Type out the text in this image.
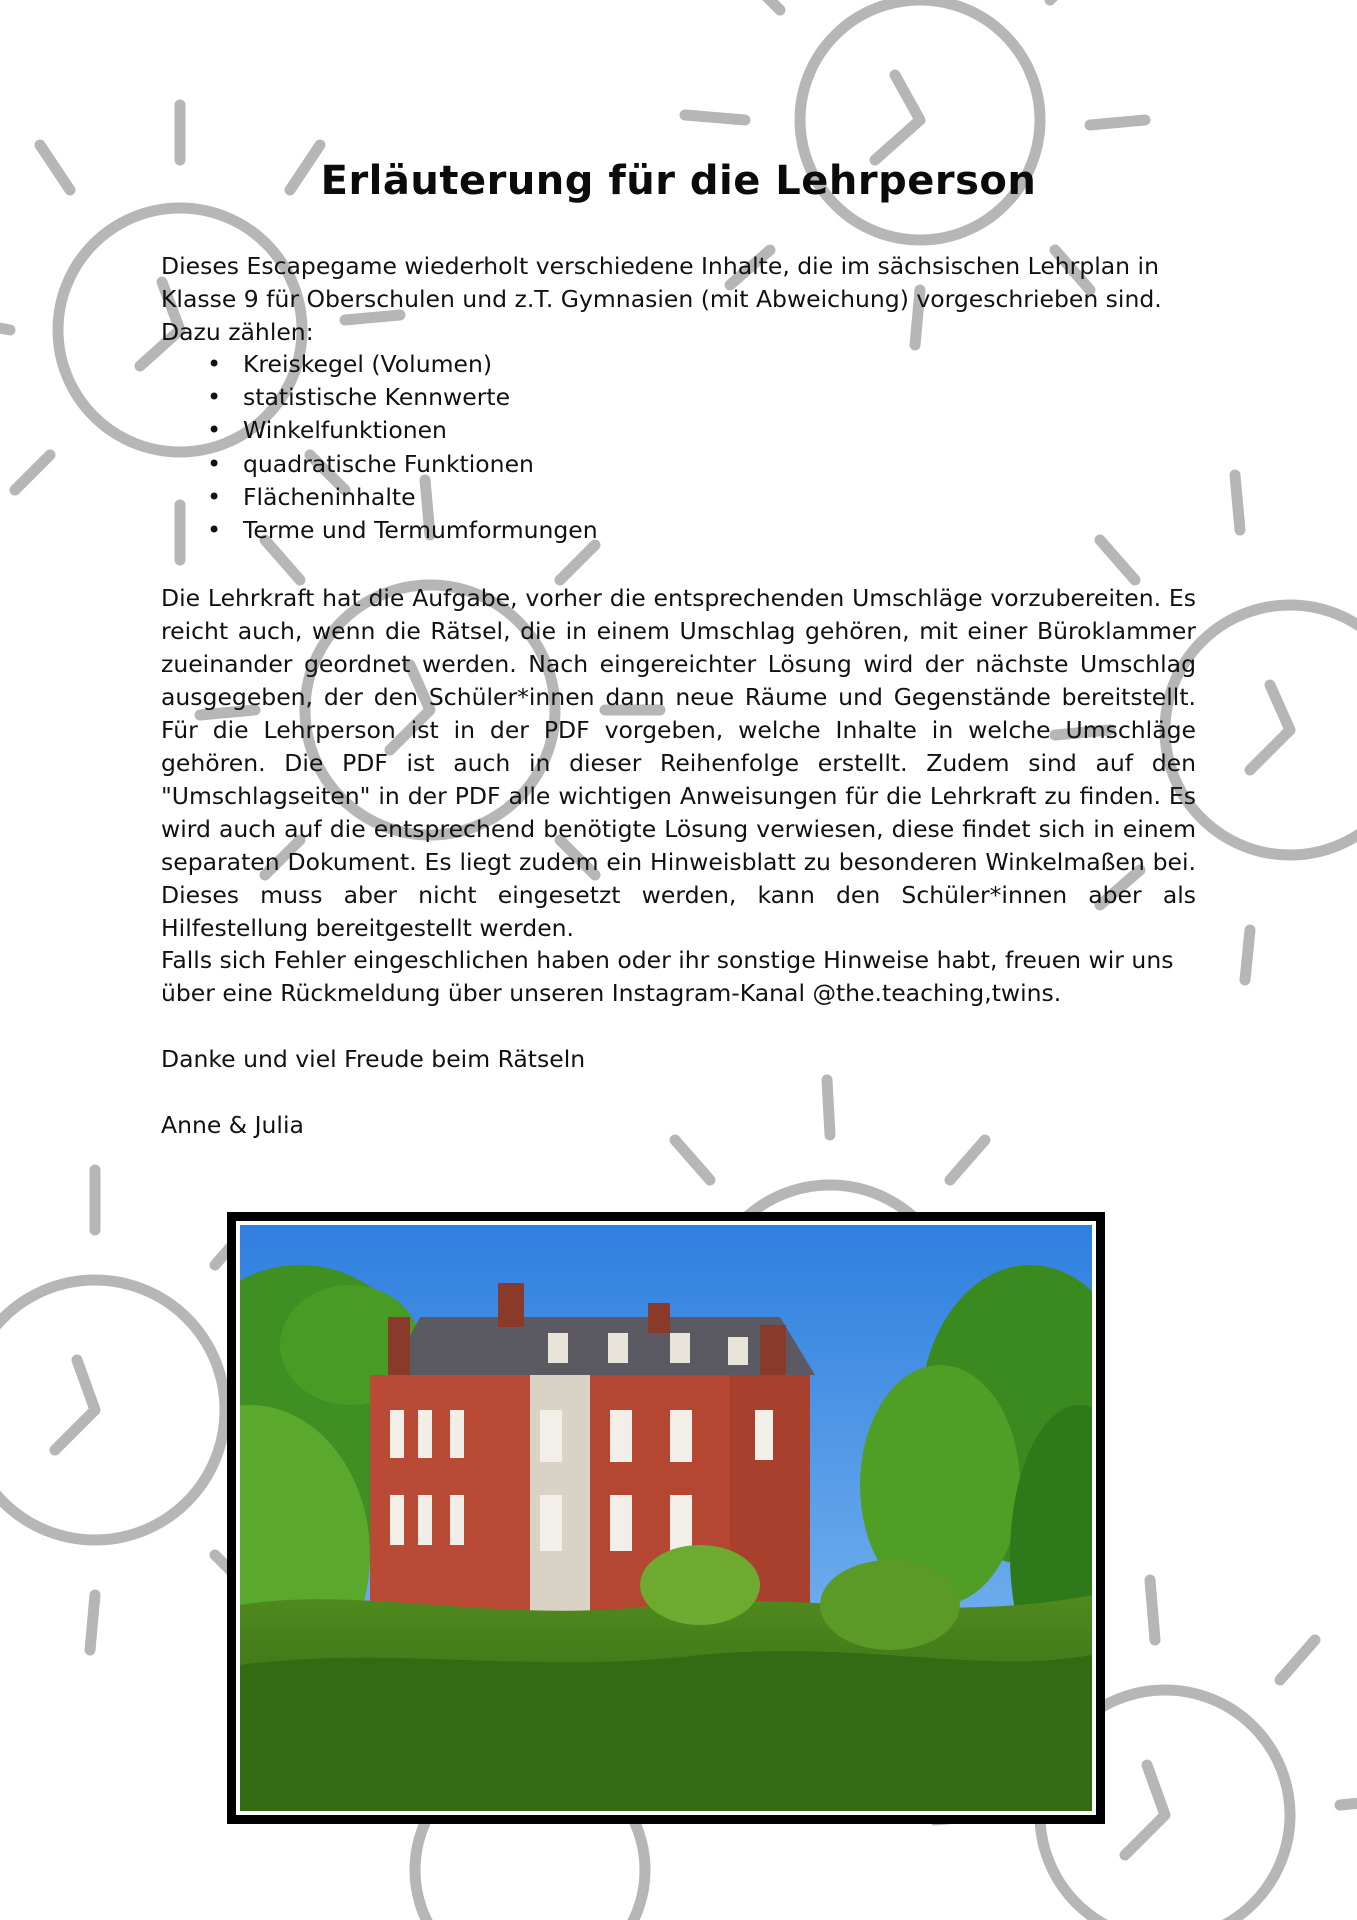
Erläuterung für die Lehrperson
Dieses Escapegame wiederholt verschiedene Inhalte, die im sächsischen Lehrplan in Klasse 9 für Oberschulen und z.T. Gymnasien (mit Abweichung) vorgeschrieben sind. Dazu zählen:
• Kreiskegel (Volumen)
• statistische Kennwerte
• Winkelfunktionen
• quadratische Funktionen
• Flächeninhalte
• Terme und Termumformungen
Die Lehrkraft hat die Aufgabe, vorher die entsprechenden Umschläge vorzubereiten. Es reicht auch, wenn die Rätsel, die in einem Umschlag gehören, mit einer Büroklammer zueinander geordnet werden. Nach eingereichter Lösung wird der nächste Umschlag ausgegeben, der den Schüler*innen dann neue Räume und Gegenstände bereitstellt. Für die Lehrperson ist in der PDF vorgeben, welche Inhalte in welche Umschläge gehören. Die PDF ist auch in dieser Reihenfolge erstellt. Zudem sind auf den "Umschlagseiten" in der PDF alle wichtigen Anweisungen für die Lehrkraft zu finden. Es wird auch auf die entsprechend benötigte Lösung verwiesen, diese findet sich in einem separaten Dokument. Es liegt zudem ein Hinweisblatt zu besonderen Winkelmaßen bei. Dieses muss aber nicht eingesetzt werden, kann den Schüler*innen aber als Hilfestellung bereitgestellt werden.
Falls sich Fehler eingeschlichen haben oder ihr sonstige Hinweise habt, freuen wir uns über eine Rückmeldung über unseren Instagram-Kanal @the.teaching,twins.
Danke und viel Freude beim Rätseln
Anne & Julia
